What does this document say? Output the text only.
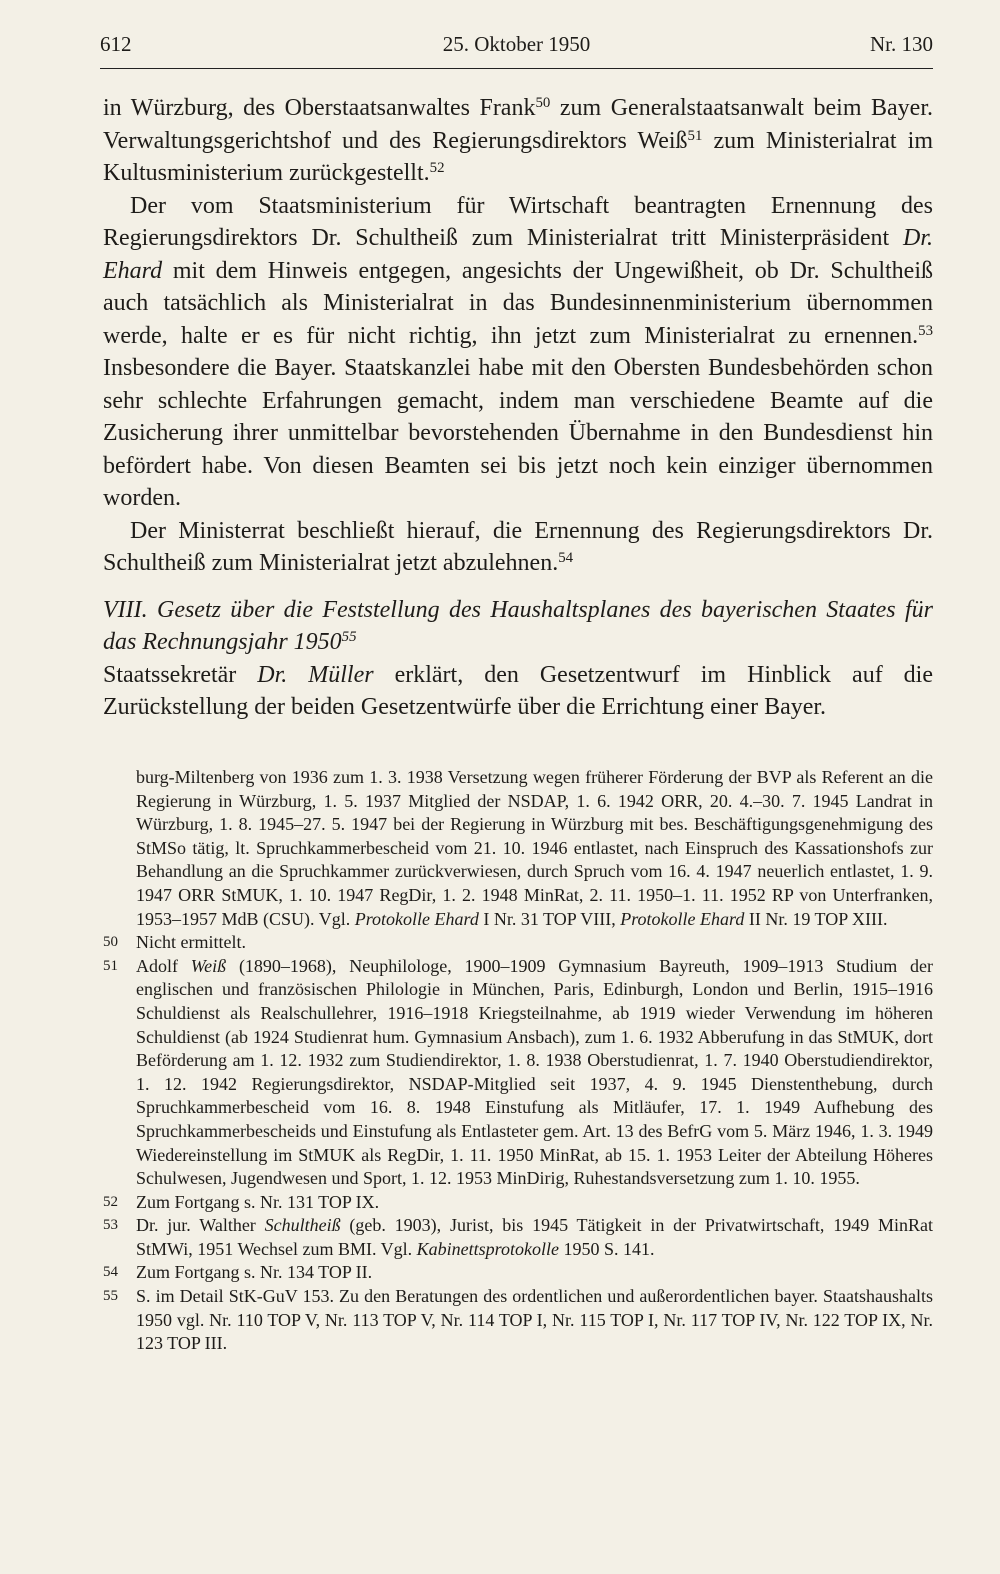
612	25. Oktober 1950	Nr. 130

in Würzburg, des Oberstaatsanwaltes Frank$^{50}$ zum Generalstaatsanwalt beim Bayer. Verwaltungsgerichtshof und des Regierungsdirektors Weiß$^{51}$ zum Ministerialrat im Kultusministerium zurückgestellt.$^{52}$

Der vom Staatsministerium für Wirtschaft beantragten Ernennung des Regierungsdirektors Dr. Schultheiß zum Ministerialrat tritt Ministerpräsident Dr. Ehard mit dem Hinweis entgegen, angesichts der Ungewißheit, ob Dr. Schultheiß auch tatsächlich als Ministerialrat in das Bundesinnenministerium übernommen werde, halte er es für nicht richtig, ihn jetzt zum Ministerialrat zu ernennen.$^{53}$ Insbesondere die Bayer. Staatskanzlei habe mit den Obersten Bundesbehörden schon sehr schlechte Erfahrungen gemacht, indem man verschiedene Beamte auf die Zusicherung ihrer unmittelbar bevorstehenden Übernahme in den Bundesdienst hin befördert habe. Von diesen Beamten sei bis jetzt noch kein einziger übernommen worden.

Der Ministerrat beschließt hierauf, die Ernennung des Regierungsdirektors Dr. Schultheiß zum Ministerialrat jetzt abzulehnen.$^{54}$

VIII. Gesetz über die Feststellung des Haushaltsplanes des bayerischen Staates für das Rechnungsjahr 1950$^{55}$

Staatssekretär Dr. Müller erklärt, den Gesetzentwurf im Hinblick auf die Zurückstellung der beiden Gesetzentwürfe über die Errichtung einer Bayer.

burg-Miltenberg von 1936 zum 1. 3. 1938 Versetzung wegen früherer Förderung der BVP als Referent an die Regierung in Würzburg, 1. 5. 1937 Mitglied der NSDAP, 1. 6. 1942 ORR, 20. 4.–30. 7. 1945 Landrat in Würzburg, 1. 8. 1945–27. 5. 1947 bei der Regierung in Würzburg mit bes. Beschäftigungsgenehmigung des StMSo tätig, lt. Spruchkammerbescheid vom 21. 10. 1946 entlastet, nach Einspruch des Kassationshofs zur Behandlung an die Spruchkammer zurückverwiesen, durch Spruch vom 16. 4. 1947 neuerlich entlastet, 1. 9. 1947 ORR StMUK, 1. 10. 1947 RegDir, 1. 2. 1948 MinRat, 2. 11. 1950–1. 11. 1952 RP von Unterfranken, 1953–1957 MdB (CSU). Vgl. Protokolle Ehard I Nr. 31 TOP VIII, Protokolle Ehard II Nr. 19 TOP XIII.

50 Nicht ermittelt.

51 Adolf Weiß (1890–1968), Neuphilologe, 1900–1909 Gymnasium Bayreuth, 1909–1913 Studium der englischen und französischen Philologie in München, Paris, Edinburgh, London und Berlin, 1915–1916 Schuldienst als Realschullehrer, 1916–1918 Kriegsteilnahme, ab 1919 wieder Verwendung im höheren Schuldienst (ab 1924 Studienrat hum. Gymnasium Ansbach), zum 1. 6. 1932 Abberufung in das StMUK, dort Beförderung am 1. 12. 1932 zum Studiendirektor, 1. 8. 1938 Oberstudienrat, 1. 7. 1940 Oberstudiendirektor, 1. 12. 1942 Regierungsdirektor, NSDAP-Mitglied seit 1937, 4. 9. 1945 Dienstenthebung, durch Spruchkammerbescheid vom 16. 8. 1948 Einstufung als Mitläufer, 17. 1. 1949 Aufhebung des Spruchkammerbescheids und Einstufung als Entlasteter gem. Art. 13 des BefrG vom 5. März 1946, 1. 3. 1949 Wiedereinstellung im StMUK als RegDir, 1. 11. 1950 MinRat, ab 15. 1. 1953 Leiter der Abteilung Höheres Schulwesen, Jugendwesen und Sport, 1. 12. 1953 MinDirig, Ruhestandsversetzung zum 1. 10. 1955.

52 Zum Fortgang s. Nr. 131 TOP IX.

53 Dr. jur. Walther Schultheiß (geb. 1903), Jurist, bis 1945 Tätigkeit in der Privatwirtschaft, 1949 MinRat StMWi, 1951 Wechsel zum BMI. Vgl. Kabinettsprotokolle 1950 S. 141.

54 Zum Fortgang s. Nr. 134 TOP II.

55 S. im Detail StK-GuV 153. Zu den Beratungen des ordentlichen und außerordentlichen bayer. Staatshaushalts 1950 vgl. Nr. 110 TOP V, Nr. 113 TOP V, Nr. 114 TOP I, Nr. 115 TOP I, Nr. 117 TOP IV, Nr. 122 TOP IX, Nr. 123 TOP III.
